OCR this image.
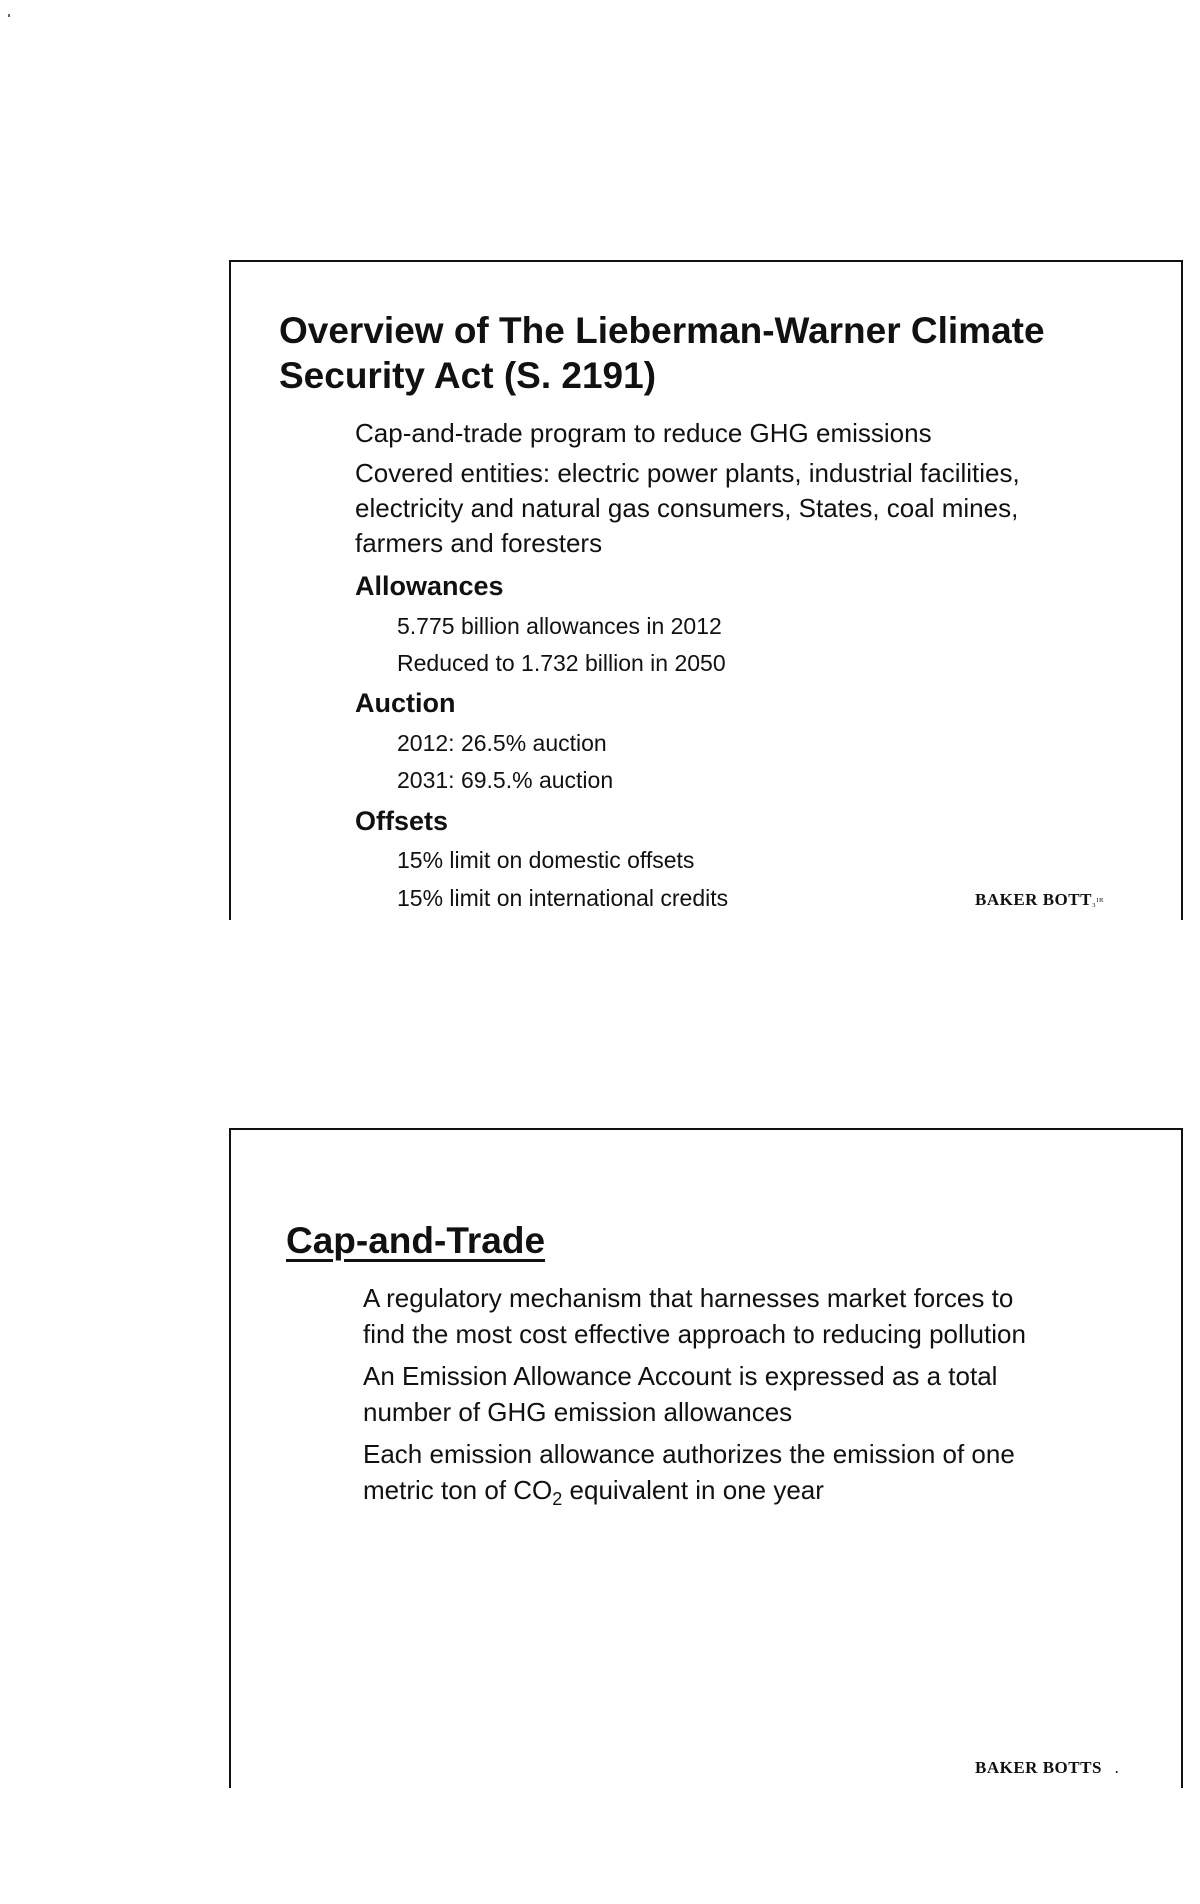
Overview of The Lieberman-Warner Climate
Security Act (S. 2191)
Cap-and-trade program to reduce GHG emissions
Covered entities: electric power plants, industrial facilities,
electricity and natural gas consumers, States, coal mines,
farmers and foresters
Allowances
5.775 billion allowances in 2012
Reduced to 1.732 billion in 2050
Auction
2012: 26.5% auction
2031: 69.5.% auction
Offsets
15% limit on domestic offsets
15% limit on international credits	BAKER BOTT₃ᴵᴿ
Cap-and-Trade
A regulatory mechanism that harnesses market forces to
find the most cost effective approach to reducing pollution
An Emission Allowance Account is expressed as a total
number of GHG emission allowances
Each emission allowance authorizes the emission of one
metric ton of $CO_2$ equivalent in one year
BAKER BOTTS .
